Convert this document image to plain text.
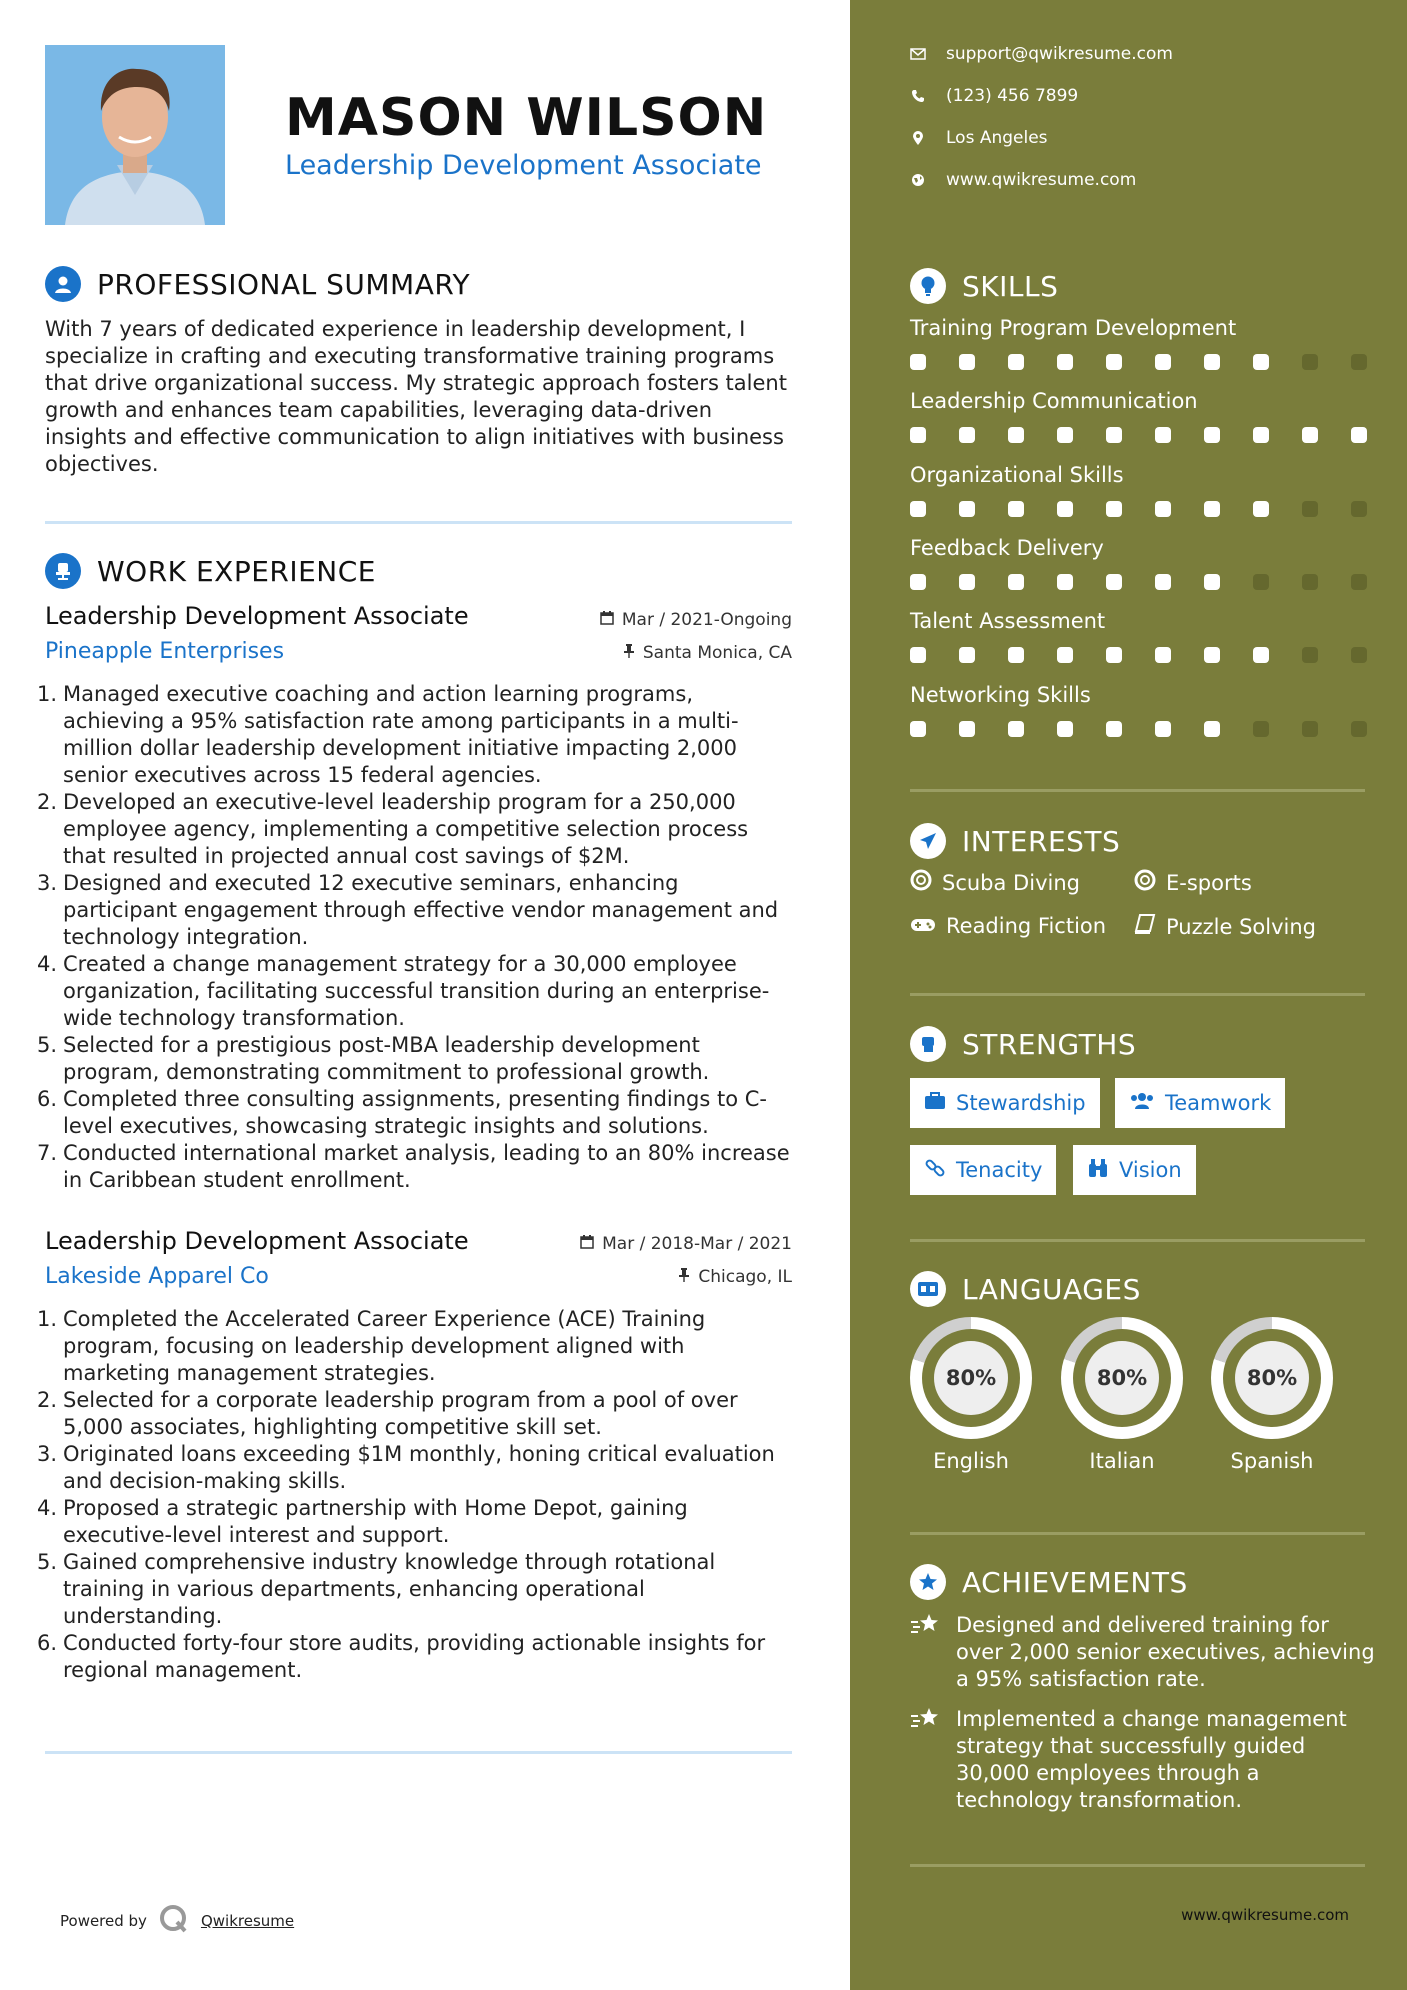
MASON WILSON
Leadership Development Associate
PROFESSIONAL SUMMARY
With 7 years of dedicated experience in leadership development, I specialize in crafting and executing transformative training programs that drive organizational success. My strategic approach fosters talent growth and enhances team capabilities, leveraging data-driven insights and effective communication to align initiatives with business objectives.
WORK EXPERIENCE
Leadership Development Associate	Mar / 2021-Ongoing
Pineapple Enterprises	Santa Monica, CA
1. Managed executive coaching and action learning programs, achieving a 95% satisfaction rate among participants in a multi-million dollar leadership development initiative impacting 2,000 senior executives across 15 federal agencies.
2. Developed an executive-level leadership program for a 250,000 employee agency, implementing a competitive selection process that resulted in projected annual cost savings of $2M.
3. Designed and executed 12 executive seminars, enhancing participant engagement through effective vendor management and technology integration.
4. Created a change management strategy for a 30,000 employee organization, facilitating successful transition during an enterprise-wide technology transformation.
5. Selected for a prestigious post-MBA leadership development program, demonstrating commitment to professional growth.
6. Completed three consulting assignments, presenting findings to C-level executives, showcasing strategic insights and solutions.
7. Conducted international market analysis, leading to an 80% increase in Caribbean student enrollment.
Leadership Development Associate	Mar / 2018-Mar / 2021
Lakeside Apparel Co	Chicago, IL
1. Completed the Accelerated Career Experience (ACE) Training program, focusing on leadership development aligned with marketing management strategies.
2. Selected for a corporate leadership program from a pool of over 5,000 associates, highlighting competitive skill set.
3. Originated loans exceeding $1M monthly, honing critical evaluation and decision-making skills.
4. Proposed a strategic partnership with Home Depot, gaining executive-level interest and support.
5. Gained comprehensive industry knowledge through rotational training in various departments, enhancing operational understanding.
6. Conducted forty-four store audits, providing actionable insights for regional management.
Powered by	Qwikresume
support@qwikresume.com
(123) 456 7899
Los Angeles
www.qwikresume.com
SKILLS
Training Program Development
Leadership Communication
Organizational Skills
Feedback Delivery
Talent Assessment
Networking Skills
INTERESTS
Scuba Diving	E-sports
Reading Fiction	Puzzle Solving
STRENGTHS
Stewardship	Teamwork
Tenacity	Vision
LANGUAGES
80%
English
80%
Italian
80%
Spanish
ACHIEVEMENTS
Designed and delivered training for over 2,000 senior executives, achieving a 95% satisfaction rate.
Implemented a change management strategy that successfully guided 30,000 employees through a technology transformation.
www.qwikresume.com
